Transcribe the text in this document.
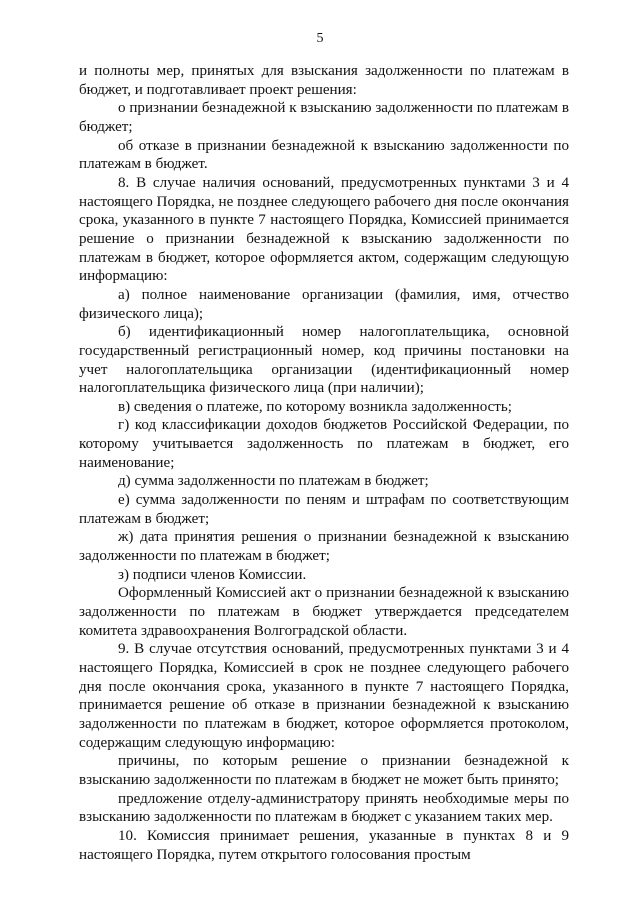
5

и полноты мер, принятых для взыскания задолженности по платежам в бюджет, и подготавливает проект решения:

о признании безнадежной к взысканию задолженности по платежам в бюджет;

об отказе в признании безнадежной к взысканию задолженности по платежам в бюджет.

8. В случае наличия оснований, предусмотренных пунктами 3 и 4 настоящего Порядка, не позднее следующего рабочего дня после окончания срока, указанного в пункте 7 настоящего Порядка, Комиссией принимается решение о признании безнадежной к взысканию задолженности по платежам в бюджет, которое оформляется актом, содержащим следующую информацию:

а) полное наименование организации (фамилия, имя, отчество физического лица);

б) идентификационный номер налогоплательщика, основной государственный регистрационный номер, код причины постановки на учет налогоплательщика организации (идентификационный номер налогоплательщика физического лица (при наличии);

в) сведения о платеже, по которому возникла задолженность;

г) код классификации доходов бюджетов Российской Федерации, по которому учитывается задолженность по платежам в бюджет, его наименование;

д) сумма задолженности по платежам в бюджет;

е) сумма задолженности по пеням и штрафам по соответствующим платежам в бюджет;

ж) дата принятия решения о признании безнадежной к взысканию задолженности по платежам в бюджет;

з) подписи членов Комиссии.

Оформленный Комиссией акт о признании безнадежной к взысканию задолженности по платежам в бюджет утверждается председателем комитета здравоохранения Волгоградской области.

9. В случае отсутствия оснований, предусмотренных пунктами 3 и 4 настоящего Порядка, Комиссией в срок не позднее следующего рабочего дня после окончания срока, указанного в пункте 7 настоящего Порядка, принимается решение об отказе в признании безнадежной к взысканию задолженности по платежам в бюджет, которое оформляется протоколом, содержащим следующую информацию:

причины, по которым решение о признании безнадежной к взысканию задолженности по платежам в бюджет не может быть принято;

предложение отделу-администратору принять необходимые меры по взысканию задолженности по платежам в бюджет с указанием таких мер.

10. Комиссия принимает решения, указанные в пунктах 8 и 9 настоящего Порядка, путем открытого голосования простым
